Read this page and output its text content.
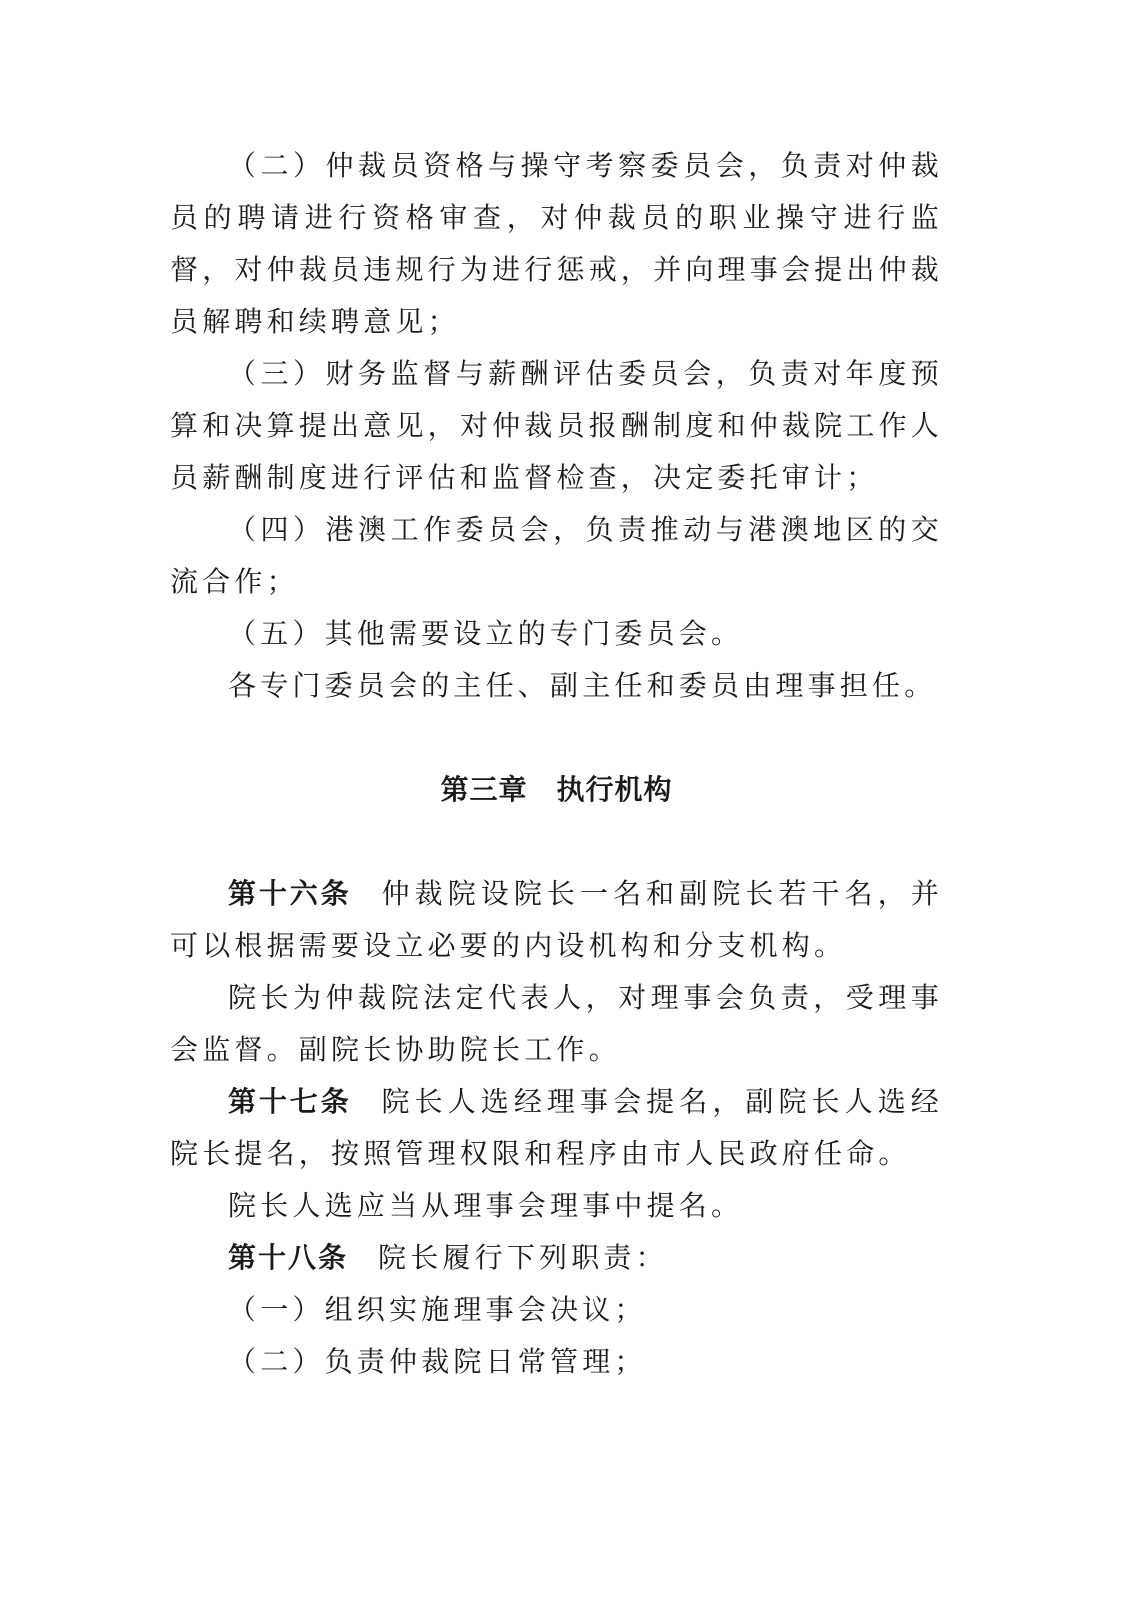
（二）仲裁员资格与操守考察委员会，负责对仲裁员的聘请进行资格审查，对仲裁员的职业操守进行监督，对仲裁员违规行为进行惩戒，并向理事会提出仲裁员解聘和续聘意见；

（三）财务监督与薪酬评估委员会，负责对年度预算和决算提出意见，对仲裁员报酬制度和仲裁院工作人员薪酬制度进行评估和监督检查，决定委托审计；

（四）港澳工作委员会，负责推动与港澳地区的交流合作；

（五）其他需要设立的专门委员会。

各专门委员会的主任、副主任和委员由理事担任。

第三章　执行机构

第十六条 仲裁院设院长一名和副院长若干名，并可以根据需要设立必要的内设机构和分支机构。

院长为仲裁院法定代表人，对理事会负责，受理事会监督。副院长协助院长工作。

第十七条 院长人选经理事会提名，副院长人选经院长提名，按照管理权限和程序由市人民政府任命。

院长人选应当从理事会理事中提名。

第十八条 院长履行下列职责：

（一）组织实施理事会决议；

（二）负责仲裁院日常管理；
